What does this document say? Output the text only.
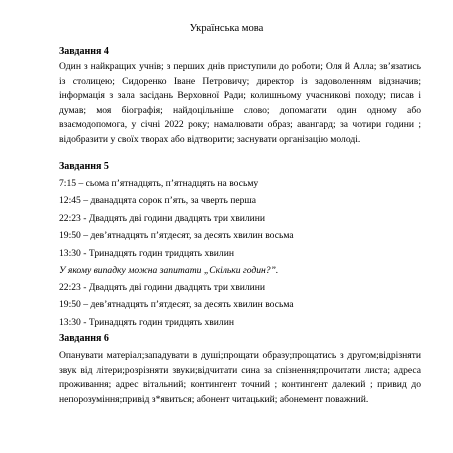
Українська мова
Завдання 4
Один з найкращих учнів; з перших днів приступили до роботи; Оля й Алла; зв’язатись із столицею; Сидоренко Іване Петровичу; директор із задоволенням відзначив; інформація з зала засідань Верховної Ради; колишньому учасникові походу; писав і думав; моя біографія; найдоцільніше слово; допомагати один одному або взаємодопомога, у січні 2022 року; намалювати образ; авангард; за чотири години ; відобразити у своїх творах або відтворити; заснувати організацію молоді.
Завдання 5
7:15 – сьома п’ятнадцять, п’ятнадцять на восьму
12:45 – дванадцята сорок п’ять, за чверть перша
22:23 - Двадцять дві години двадцять три хвилини
19:50 – дев’ятнадцять п’ятдесят, за десять хвилин восьма
13:30 - Тринадцять годин тридцять хвилин
У якому випадку можна запитати „Скільки годин?”.
22:23 - Двадцять дві години двадцять три хвилини
19:50 – дев’ятнадцять п’ятдесят, за десять хвилин восьма
13:30 - Тринадцять годин тридцять хвилин
Завдання 6
Опанувати матеріал;западувати в душі;прощати образу;прощатись з другом;відрізняти звук від літери;розрізняти звуки;відчитати сина за спізнення;прочитати листа; адреса проживання; адрес вітальний; контингент точний ; контингент далекий ; привид до непорозуміння;привід з*явиться; абонент читацький; абонемент поважний.
